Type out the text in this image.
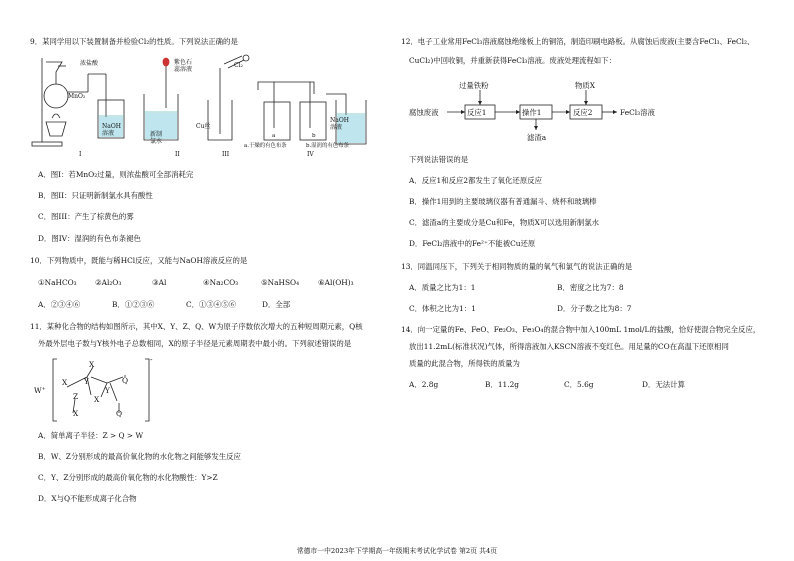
9．某同学用以下装置制备并检验Cl₂的性质。下列说法正确的是
浓盐酸
MnO₂
NaOH
溶液
紫色石
蕊溶液
新制
氯水
Cl₂
Cu丝
a	b
a.干燥的有色布条	b.湿润的有色布条
NaOH
溶液
I	II	III	IV
A．图I：若MnO₂过量，则浓盐酸可全部消耗完
B．图II：只证明新制氯水具有酸性
C．图III：产生了棕黄色的雾
D．图IV：湿润的有色布条褪色
10．下列物质中，既能与稀HCl反应，又能与NaOH溶液反应的是
①NaHCO₃ ②Al₂O₃	③Al	④Na₂CO₃	⑤NaHSO₄	⑥Al(OH)₃
A．②③④⑥	B．①②③⑥	C．①③④⑤⑥	D．全部
11．某种化合物的结构如图所示，其中X、Y、Z、Q、W为原子序数依次增大的五种短周期元素，Q核
外最外层电子数与Y核外电子总数相同，X的原子半径是元素周期表中最小的。下列叙述错误的是
W+
-
X
X Y
Y
Q
Z X
X	Q
A．简单离子半径：Z > Q > W
B．W、Z分别形成的最高价氧化物的水化物之间能够发生反应
C．Y、Z分别形成的最高价氧化物的水化物酸性：Y>Z
D．X与Q不能形成离子化合物
12．电子工业常用FeCl₃溶液腐蚀绝缘板上的铜箔，制造印刷电路板。从腐蚀后废液(主要含FeCl₃、FeCl₂、
CuCl₂)中回收铜，并重新获得FeCl₃溶液。废液处理流程如下：
过量铁粉
腐蚀废液	反应1	操作1	反应2
物质X
FeCl₃溶液
滤渣a
下列说法错误的是
A．反应1和反应2都发生了氧化还原反应
B．操作1用到的主要玻璃仪器有普通漏斗、烧杯和玻璃棒
C．滤渣a的主要成分是Cu和Fe，物质X可以选用新制氯水
D．FeCl₂溶液中的Fe²⁺不能被Cu还原
13．同温同压下，下列关于相同物质的量的氧气和氯气的说法正确的是
A．质量之比为1：1	B．密度之比为7：8
C．体积之比为1：1	D．分子数之比为8：7
14．向一定量的Fe、FeO、Fe₂O₃、Fe₃O₄的混合物中加入100mL 1mol/L的盐酸，恰好使混合物完全反应，
放出11.2mL(标准状况)气体，所得溶液加入KSCN溶液不变红色。用足量的CO在高温下还原相同
质量的此混合物，所得铁的质量为
A．2.8g	B．11.2g	C．5.6g	D．无法计算
常德市一中2023年下学期高一年级期末考试化学试卷 第2页 共4页
